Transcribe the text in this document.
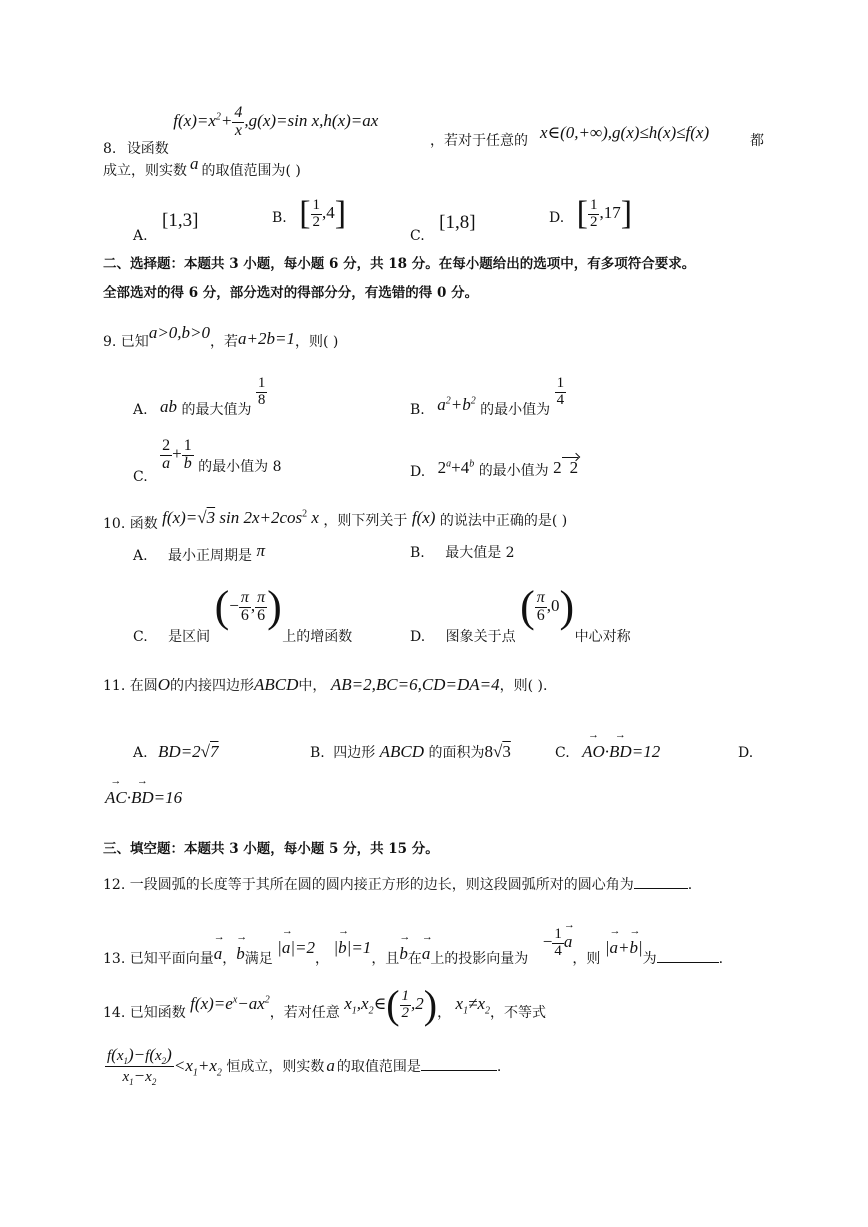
8. 设函数 $f(x)=x^2+ \frac{4}{x} ,g(x)=\sin$ x,h(x)=ax
，若对于任意的 x∈(0,+∞),g(x)≤h(x)≤f(x)	都
成立，则实数 a 的取值范围为( )
A. [1,3]	B. [ $\frac{1}{2} ,4$]
C. [1,8]	D. [ $\frac{1}{2} ,17$]
二、选择题：本题共 3 小题，每小题 6 分，共 18 分。在每小题给出的选项中，有多项符合要求。
全部选对的得 6 分，部分选对的得部分分，有选错的得 0 分。
9. 已知a>0,b>0，若a+2b=1，则( )
A. ab 的最大值为
$\frac{1}{8}$
B. $a^2+b^2$ 的最小值为
$\frac{1}{4}$
C.
$\frac{2}{a} + \frac{1}{b}$ 的最小值为 8	D. $2^a+4^b$ 的最小值为 2 2
10. 函数 f(x)=√3 $\sin 2x+2\cos^2$ x ，则下列关于 f(x) 的说法中正确的是( )
A. 最小正周期是 π	B. 最大值是 2
C. 是区间 (− $\frac{\pi}{6}$ , $\frac{\pi}{6}$ ) 上的增函数	D. 图象关于点 ( $\frac{\pi}{6} ,0$) 中心对称
11. 在圆O的内接四边形ABCD中， AB=2,BC=6,CD=DA=4，则( ).
A. BD=2√7	B. 四边形 ABCD 的面积为8√3	C. → AO·→ BD=12	D.
→ AC·→ BD=16
三、填空题：本题共 3 小题，每小题 5 分，共 15 分。
12. 一段圆弧的长度等于其所在圆的圆内接正方形的边长，则这段圆弧所对的圆心角为	.
13. 已知平面向量→ a，→ b满足 |→ a|=2， |→ b|=1，且→ b在→ a上的投影向量为 − $\frac{1}{4} \to a$，则 |→ a+→ b|为	.
14. 已知函数 $f(x)=e^x-ax^2$，若对任意 $x_1,x_2\in( \frac{1}{2} ,2)$， $x_1\ne x_2$，不等式
$\frac{f(x_1)-f(x_2)}{x_1-x_2} <x_1+x_2$ 恒成立，则实数 a 的取值范围是	.
